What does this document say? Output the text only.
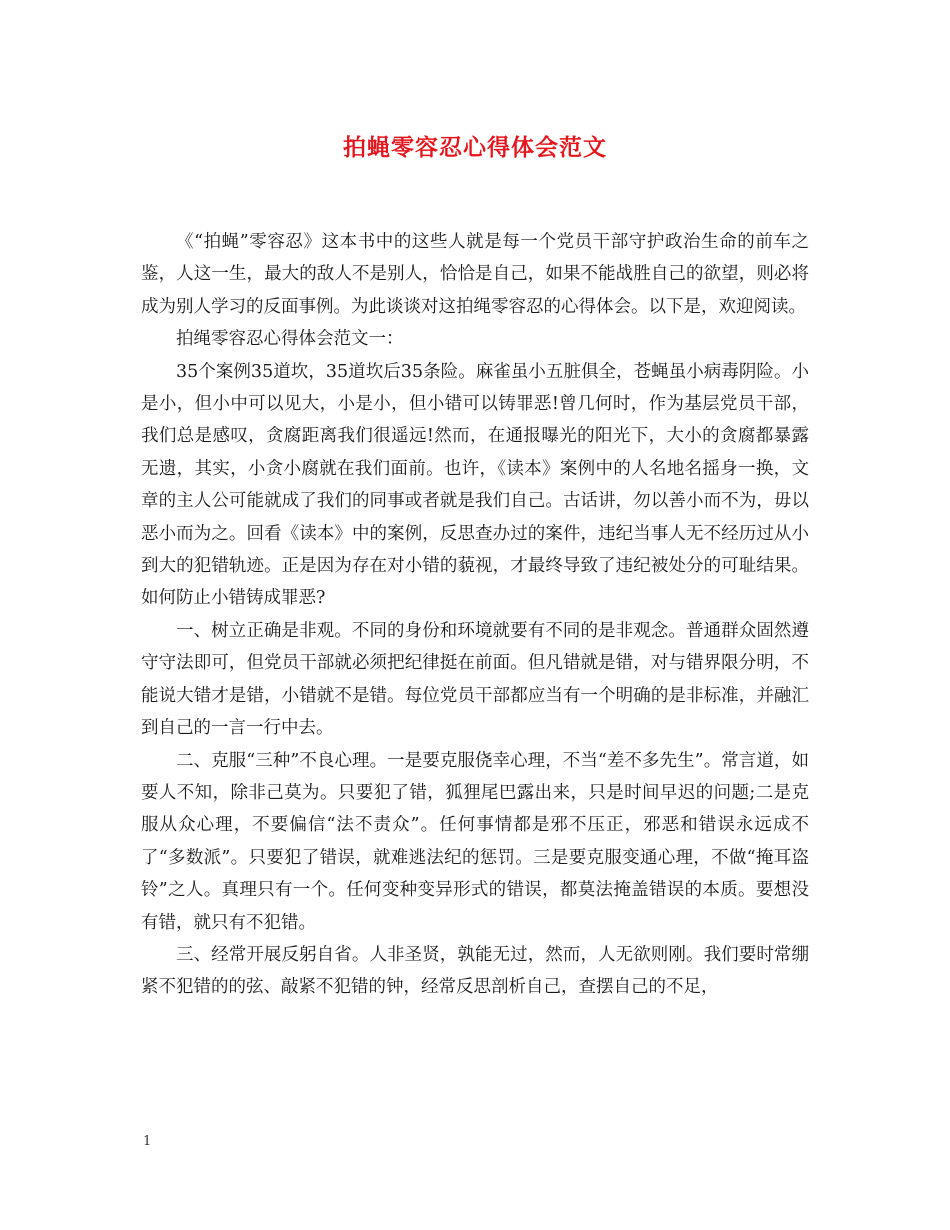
拍蝇零容忍心得体会范文

《“拍蝇”零容忍》这本书中的这些人就是每一个党员干部守护政治生命的前车之鉴，人这一生，最大的敌人不是别人，恰恰是自己，如果不能战胜自己的欲望，则必将成为别人学习的反面事例。为此谈谈对这拍绳零容忍的心得体会。以下是，欢迎阅读。

拍绳零容忍心得体会范文一：

35个案例35道坎，35道坎后35条险。麻雀虽小五脏俱全，苍蝇虽小病毒阴险。小是小，但小中可以见大，小是小，但小错可以铸罪恶!曾几何时，作为基层党员干部，我们总是感叹，贪腐距离我们很遥远!然而，在通报曝光的阳光下，大小的贪腐都暴露无遗，其实，小贪小腐就在我们面前。也许，《读本》案例中的人名地名摇身一换，文章的主人公可能就成了我们的同事或者就是我们自己。古话讲，勿以善小而不为，毋以恶小而为之。回看《读本》中的案例，反思查办过的案件，违纪当事人无不经历过从小到大的犯错轨迹。正是因为存在对小错的藐视，才最终导致了违纪被处分的可耻结果。如何防止小错铸成罪恶?

一、树立正确是非观。不同的身份和环境就要有不同的是非观念。普通群众固然遵守守法即可，但党员干部就必须把纪律挺在前面。但凡错就是错，对与错界限分明，不能说大错才是错，小错就不是错。每位党员干部都应当有一个明确的是非标准，并融汇到自己的一言一行中去。

二、克服“三种”不良心理。一是要克服侥幸心理，不当“差不多先生”。常言道，如要人不知，除非己莫为。只要犯了错，狐狸尾巴露出来，只是时间早迟的问题;二是克服从众心理，不要偏信“法不责众”。任何事情都是邪不压正，邪恶和错误永远成不了“多数派”。只要犯了错误，就难逃法纪的惩罚。三是要克服变通心理，不做“掩耳盗铃”之人。真理只有一个。任何变种变异形式的错误，都莫法掩盖错误的本质。要想没有错，就只有不犯错。

三、经常开展反躬自省。人非圣贤，孰能无过，然而，人无欲则刚。我们要时常绷紧不犯错的的弦、敲紧不犯错的钟，经常反思剖析自己，查摆自己的不足，

1
